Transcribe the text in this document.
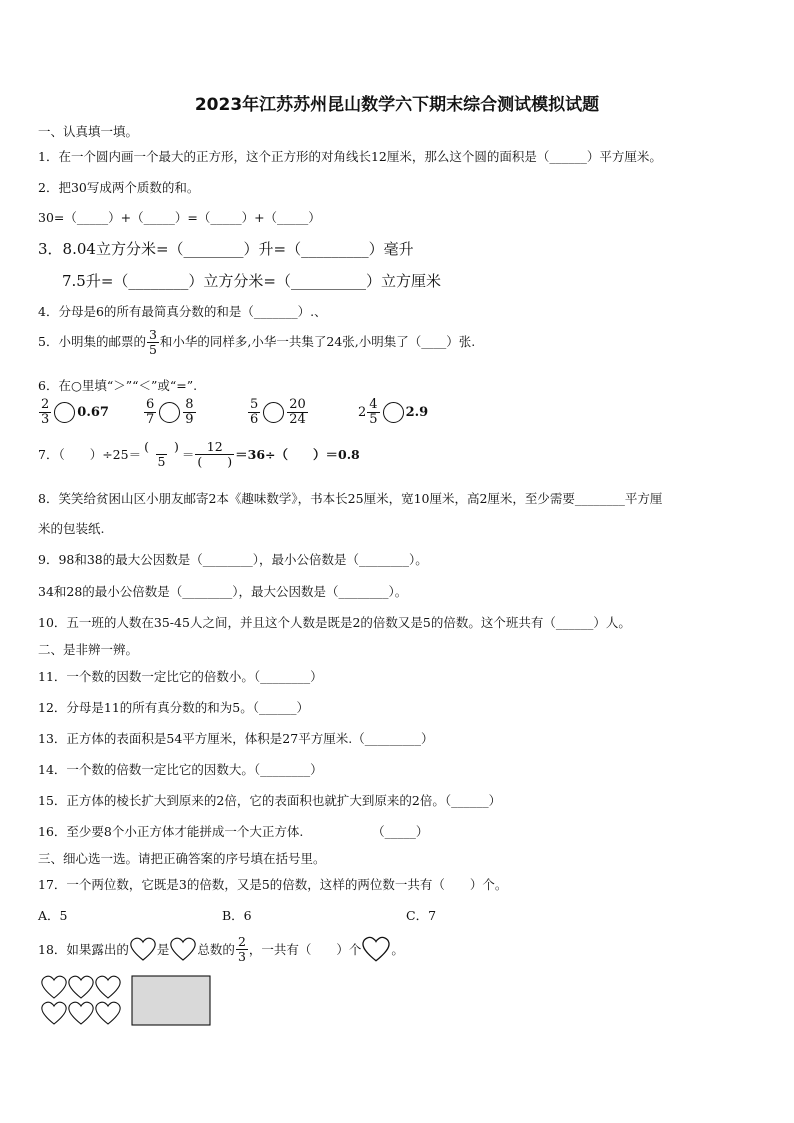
2023年江苏苏州昆山数学六下期末综合测试模拟试题
一、认真填一填。
1．在一个圆内画一个最大的正方形，这个正方形的对角线长12厘米，那么这个圆的面积是（______）平方厘米。
2．把30写成两个质数的和。
30=（_____）+（_____）=（_____）+（_____）
3．8.04立方分米=（________）升=（_________）毫升
7.5升=（________）立方分米=（__________）立方厘米
4．分母是6的所有最简真分数的和是（_______）.、
5．小明集的邮票的 $\frac{3}{5}$ 和小华的同样多,小华一共集了24张,小明集了（____）张.
6．在○里填“＞”“＜”或“=”.
$\frac{2}{3} 0.67$	$\frac{6}{7} \frac{8}{9}$	$\frac{5}{6} \frac{20}{24}$	$2 \frac{4}{5} 2.9$
7．（　　）$\div 25= \frac{( )}{5} = \frac{12}{( )} =36\div$（　　）＝0.8
8．笑笑给贫困山区小朋友邮寄2本《趣味数学》，书本长25厘米，宽10厘米，高2厘米，至少需要________平方厘
米的包装纸.
9．98和38的最大公因数是（________），最小公倍数是（________）。
34和28的最小公倍数是（________），最大公因数是（________）。
10．五一班的人数在35-45人之间，并且这个人数是既是2的倍数又是5的倍数。这个班共有（______）人。
二、是非辨一辨。
11．一个数的因数一定比它的倍数小。（________）
12．分母是11的所有真分数的和为5。（______）
13．正方体的表面积是54平方厘米，体积是27平方厘米.（_________）
14．一个数的倍数一定比它的因数大。（________）
15．正方体的棱长扩大到原来的2倍，它的表面积也就扩大到原来的2倍。（______）
16．至少要8个小正方体才能拼成一个大正方体.　　　　　　（_____）
三、细心选一选。请把正确答案的序号填在括号里。
17．一个两位数，它既是3的倍数，又是5的倍数，这样的两位数一共有（　　）个。
A．5	B．6	C．7
18．如果露出的 是 总数的 $\frac{2}{3}$ ，一共有（　　）个 。
